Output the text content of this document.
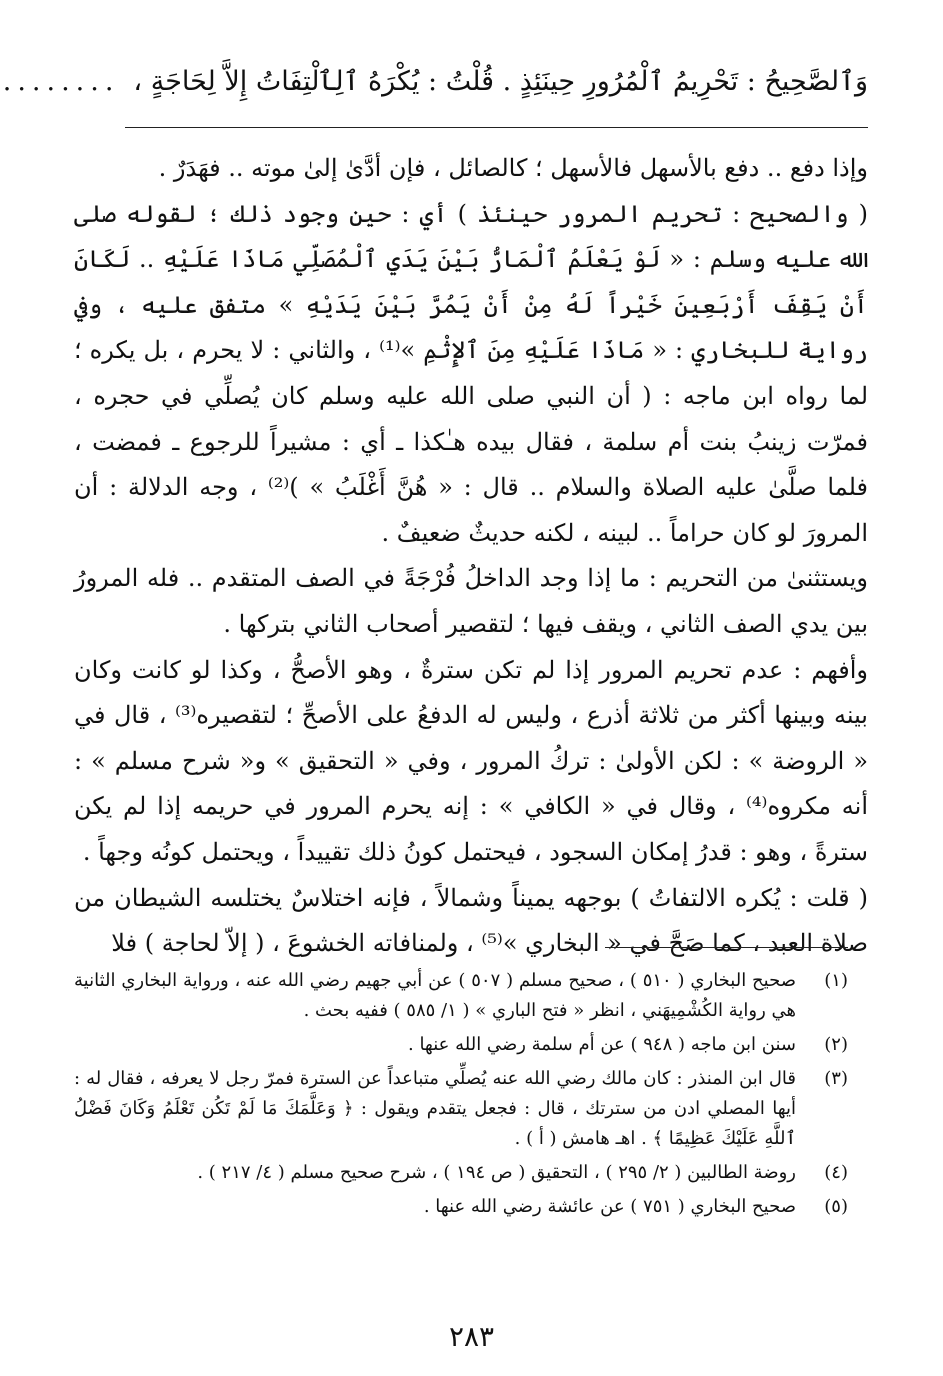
وَٱلصَّحِيحُ : تَحْرِيمُ ٱلْمُرُورِ حِينَئِذٍ . قُلْتُ : يُكْرَهُ ٱلِٱلْتِفَاتُ إِلاَّ لِحَاجَةٍ ،
........

وإذا دفع .. دفع بالأسهل فالأسهل ؛ كالصائل ، فإن أدَّىٰ إلىٰ موته .. فهَدَرٌ .

( والصحيح : تحريم المرور حينئذ ) أي : حين وجود ذلك ؛ لقوله صلى الله عليه وسلم : « لَوْ يَعْلَمُ ٱلْمَارُّ بَيْنَ يَدَيِ ٱلْمُصَلِّي مَاذَا عَلَيْهِ .. لَكَانَ أَنْ يَقِفَ أَرْبَعِينَ خَيْراً لَهُ مِنْ أَنْ يَمُرَّ بَيْنَ يَدَيْهِ » متفق عليه ، وفي رواية للبخاري : « مَاذَا عَلَيْهِ مِنَ ٱلإِثْمِ »⁽¹⁾ ، والثاني : لا يحرم ، بل يكره ؛ لما رواه ابن ماجه : ( أن النبي صلى الله عليه وسلم كان يُصلِّي في حجره ، فمرّت زينبُ بنت أم سلمة ، فقال بيده هـٰكذا ـ أي : مشيراً للرجوع ـ فمضت ، فلما صلَّىٰ عليه الصلاة والسلام .. قال : « هُنَّ أَغْلَبُ » )⁽²⁾ ، وجه الدلالة : أن المرورَ لو كان حراماً .. لبينه ، لكنه حديثٌ ضعيفٌ .

ويستثنىٰ من التحريم : ما إذا وجد الداخلُ فُرْجَةً في الصف المتقدم .. فله المرورُ بين يدي الصف الثاني ، ويقف فيها ؛ لتقصير أصحاب الثاني بتركها .

وأفهم : عدم تحريم المرور إذا لم تكن سترةٌ ، وهو الأصحُّ ، وكذا لو كانت وكان بينه وبينها أكثر من ثلاثة أذرع ، وليس له الدفعُ على الأصحِّ ؛ لتقصيره⁽³⁾ ، قال في « الروضة » : لكن الأولىٰ : تركُ المرور ، وفي « التحقيق » و« شرح مسلم » : أنه مكروه⁽⁴⁾ ، وقال في « الكافي » : إنه يحرم المرور في حريمه إذا لم يكن سترةً ، وهو : قدرُ إمكان السجود ، فيحتمل كونُ ذلك تقييداً ، ويحتمل كونُه وجهاً .

( قلت : يُكره الالتفاتُ ) بوجهه يميناً وشمالاً ، فإنه اختلاسٌ يختلسه الشيطان من صلاة العبد ، كما صَحَّ في « البخاري »⁽⁵⁾ ، ولمنافاته الخشوعَ ، ( إلاّ لحاجة ) فلا

(١)
صحيح البخاري ( ٥١٠ ) ، صحيح مسلم ( ٥٠٧ ) عن أبي جهيم رضي الله عنه ، ورواية البخاري الثانية هي رواية الكُشْمِيهَني ، انظر « فتح الباري » ( ١/ ٥٨٥ ) ففيه بحث .
(٢)
سنن ابن ماجه ( ٩٤٨ ) عن أم سلمة رضي الله عنها .
(٣)
قال ابن المنذر : كان مالك رضي الله عنه يُصلِّي متباعداً عن السترة فمرّ رجل لا يعرفه ، فقال له : أيها المصلي ادن من سترتك ، قال : فجعل يتقدم ويقول : ﴿ وَعَلَّمَكَ مَا لَمْ تَكُن تَعْلَمُ وَكَانَ فَضْلُ ٱللَّهِ عَلَيْكَ عَظِيمًا ﴾ . اهـ هامش ( أ ) .
(٤)
روضة الطالبين ( ٢/ ٢٩٥ ) ، التحقيق ( ص ١٩٤ ) ، شرح صحيح مسلم ( ٤/ ٢١٧ ) .
(٥)
صحيح البخاري ( ٧٥١ ) عن عائشة رضي الله عنها .
٢٨٣
